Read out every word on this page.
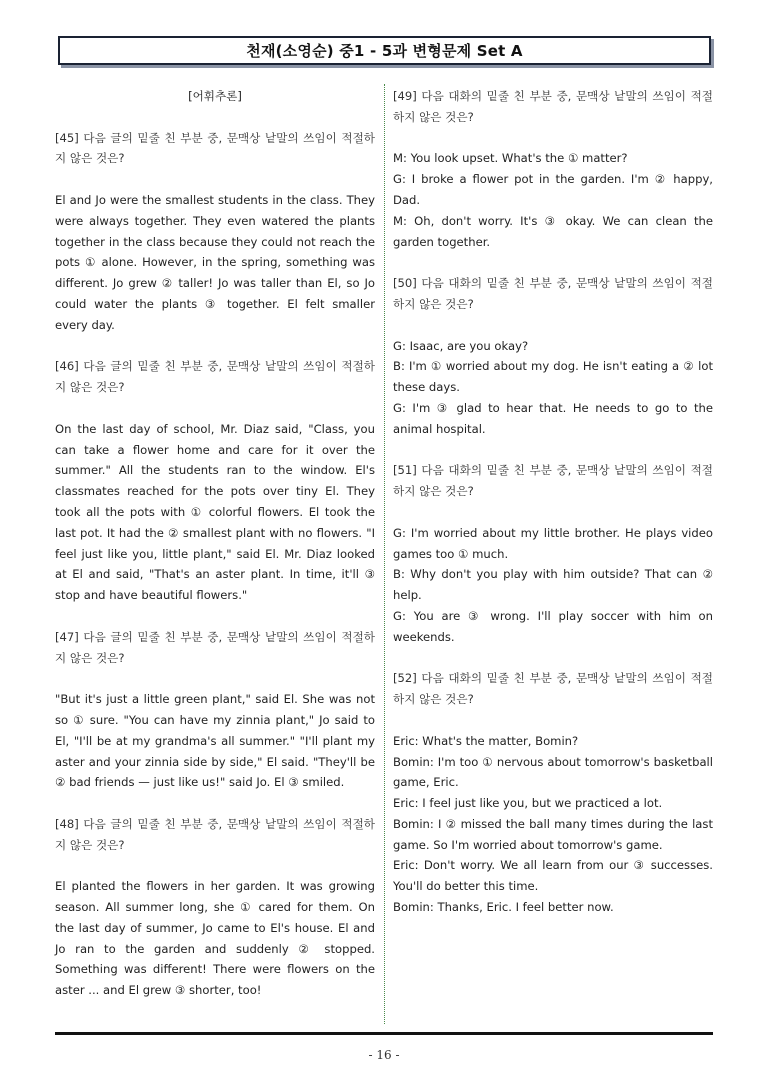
천재(소영순) 중1 - 5과 변형문제 Set A
[어휘추론]
[45] 다음 글의 밑줄 친 부분 중, 문맥상 낱말의 쓰임이 적절하지 않은 것은?
El and Jo were the smallest students in the class. They were always together. They even watered the plants together in the class because they could not reach the pots ① alone. However, in the spring, something was different. Jo grew ② taller! Jo was taller than El, so Jo could water the plants ③ together. El felt smaller every day.
[46] 다음 글의 밑줄 친 부분 중, 문맥상 낱말의 쓰임이 적절하지 않은 것은?
On the last day of school, Mr. Diaz said, "Class, you can take a flower home and care for it over the summer." All the students ran to the window. El's classmates reached for the pots over tiny El. They took all the pots with ① colorful flowers. El took the last pot. It had the ② smallest plant with no flowers. "I feel just like you, little plant," said El. Mr. Diaz looked at El and said, "That's an aster plant. In time, it'll ③ stop and have beautiful flowers."
[47] 다음 글의 밑줄 친 부분 중, 문맥상 낱말의 쓰임이 적절하지 않은 것은?
"But it's just a little green plant," said El. She was not so ① sure. "You can have my zinnia plant," Jo said to El, "I'll be at my grandma's all summer." "I'll plant my aster and your zinnia side by side," El said. "They'll be ② bad friends — just like us!" said Jo. El ③ smiled.
[48] 다음 글의 밑줄 친 부분 중, 문맥상 낱말의 쓰임이 적절하지 않은 것은?
El planted the flowers in her garden. It was growing season. All summer long, she ① cared for them. On the last day of summer, Jo came to El's house. El and Jo ran to the garden and suddenly ② stopped. Something was different! There were flowers on the aster ... and El grew ③ shorter, too!
[49] 다음 대화의 밑줄 친 부분 중, 문맥상 낱말의 쓰임이 적절하지 않은 것은?
M: You look upset. What's the ① matter?
G: I broke a flower pot in the garden. I'm ② happy, Dad.
M: Oh, don't worry. It's ③ okay. We can clean the garden together.
[50] 다음 대화의 밑줄 친 부분 중, 문맥상 낱말의 쓰임이 적절하지 않은 것은?
G: Isaac, are you okay?
B: I'm ① worried about my dog. He isn't eating a ② lot these days.
G: I'm ③ glad to hear that. He needs to go to the animal hospital.
[51] 다음 대화의 밑줄 친 부분 중, 문맥상 낱말의 쓰임이 적절하지 않은 것은?
G: I'm worried about my little brother. He plays video games too ① much.
B: Why don't you play with him outside? That can ② help.
G: You are ③ wrong. I'll play soccer with him on weekends.
[52] 다음 대화의 밑줄 친 부분 중, 문맥상 낱말의 쓰임이 적절하지 않은 것은?
Eric: What's the matter, Bomin?
Bomin: I'm too ① nervous about tomorrow's basketball game, Eric.
Eric: I feel just like you, but we practiced a lot.
Bomin: I ② missed the ball many times during the last game. So I'm worried about tomorrow's game.
Eric: Don't worry. We all learn from our ③ successes. You'll do better this time.
Bomin: Thanks, Eric. I feel better now.
- 16 -
